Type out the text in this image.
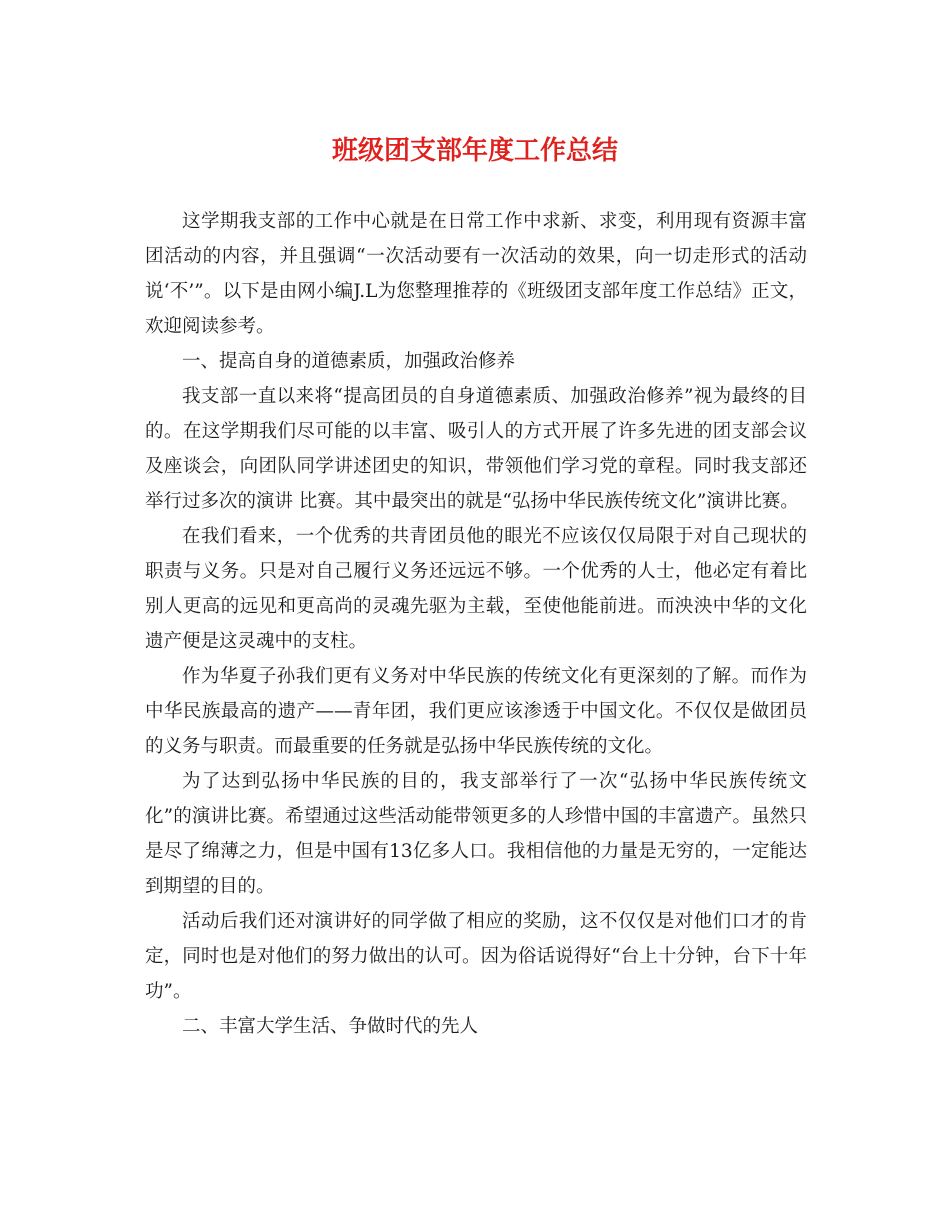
班级团支部年度工作总结

这学期我支部的工作中心就是在日常工作中求新、求变，利用现有资源丰富团活动的内容，并且强调“一次活动要有一次活动的效果，向一切走形式的活动说‘不’”。以下是由网小编J.L为您整理推荐的《班级团支部年度工作总结》正文，欢迎阅读参考。

一、提高自身的道德素质，加强政治修养

我支部一直以来将“提高团员的自身道德素质、加强政治修养”视为最终的目的。在这学期我们尽可能的以丰富、吸引人的方式开展了许多先进的团支部会议及座谈会，向团队同学讲述团史的知识，带领他们学习党的章程。同时我支部还举行过多次的演讲 比赛。其中最突出的就是“弘扬中华民族传统文化”演讲比赛。

在我们看来，一个优秀的共青团员他的眼光不应该仅仅局限于对自己现状的职责与义务。只是对自己履行义务还远远不够。一个优秀的人士，他必定有着比别人更高的远见和更高尚的灵魂先驱为主载，至使他能前进。而泱泱中华的文化遗产便是这灵魂中的支柱。

作为华夏子孙我们更有义务对中华民族的传统文化有更深刻的了解。而作为中华民族最高的遗产——青年团，我们更应该渗透于中国文化。不仅仅是做团员的义务与职责。而最重要的任务就是弘扬中华民族传统的文化。

为了达到弘扬中华民族的目的，我支部举行了一次“弘扬中华民族传统文化”的演讲比赛。希望通过这些活动能带领更多的人珍惜中国的丰富遗产。虽然只是尽了绵薄之力，但是中国有13亿多人口。我相信他的力量是无穷的，一定能达到期望的目的。

活动后我们还对演讲好的同学做了相应的奖励，这不仅仅是对他们口才的肯定，同时也是对他们的努力做出的认可。因为俗话说得好“台上十分钟，台下十年功”。

二、丰富大学生活、争做时代的先人
